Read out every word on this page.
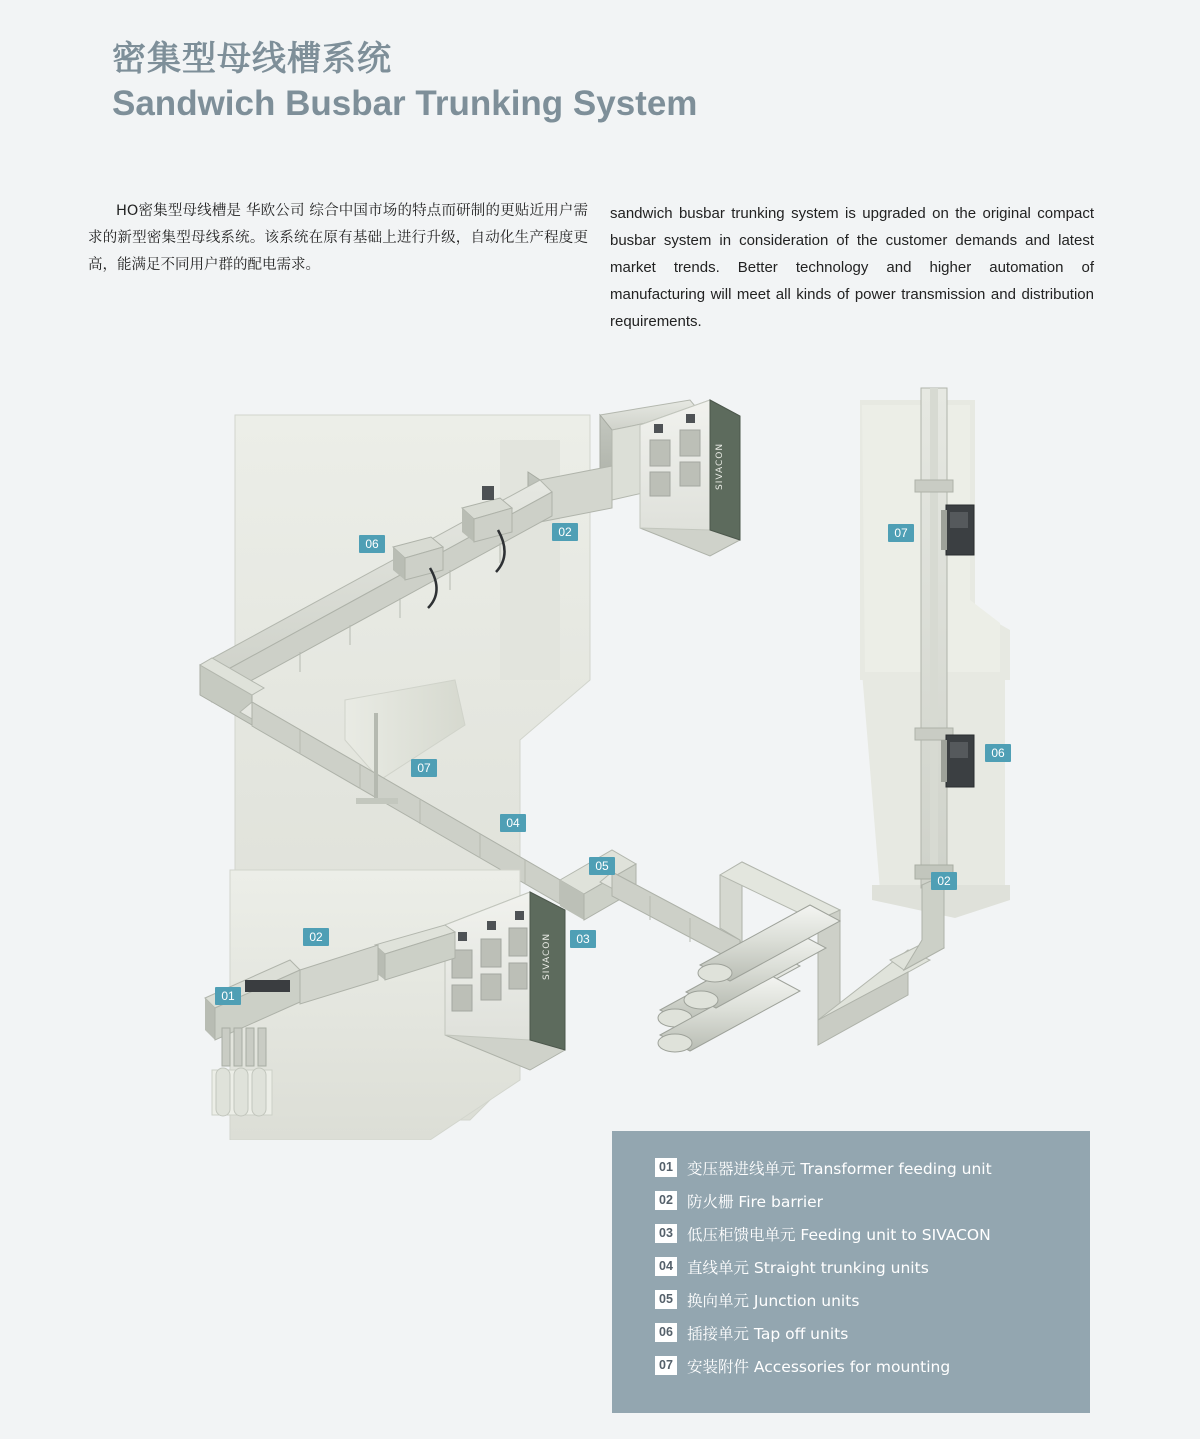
密集型母线槽系统
Sandwich Busbar Trunking System
HO密集型母线槽是 华欧公司 综合中国市场的特点而研制的更贴近用户需求的新型密集型母线系统。该系统在原有基础上进行升级，自动化生产程度更高，能满足不同用户群的配电需求。
sandwich busbar trunking system is upgraded on the original compact busbar system in consideration of the customer demands and latest market trends. Better technology and higher automation of manufacturing will meet all kinds of power transmission and distribution requirements.
SIVACON
SIVACON
06
02	07
06
07
04
05
02
02	03
01
01 变压器进线单元 Transformer feeding unit
02 防火栅 Fire barrier
03 低压柜馈电单元 Feeding unit to SIVACON
04 直线单元 Straight trunking units
05 换向单元 Junction units
06 插接单元 Tap off units
07 安装附件 Accessories for mounting
